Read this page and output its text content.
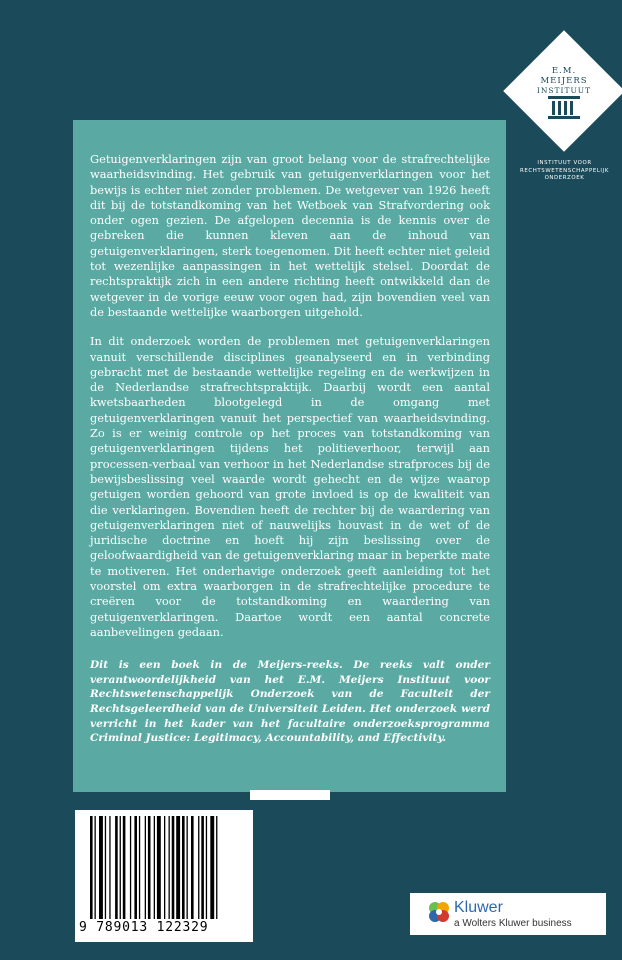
E.M.
MEIJERS
INSTITUUT
INSTITUUT VOOR RECHTSWETENSCHAPPELIJK ONDERZOEK

Getuigenverklaringen zijn van groot belang voor de strafrechtelijke waarheidsvinding. Het gebruik van getuigenverklaringen voor het bewijs is echter niet zonder problemen. De wetgever van 1926 heeft dit bij de totstandkoming van het Wetboek van Strafvordering ook onder ogen gezien. De afgelopen decennia is de kennis over de gebreken die kunnen kleven aan de inhoud van getuigenverklaringen, sterk toegenomen. Dit heeft echter niet geleid tot wezenlijke aanpassingen in het wettelijk stelsel. Doordat de rechtspraktijk zich in een andere richting heeft ontwikkeld dan de wetgever in de vorige eeuw voor ogen had, zijn bovendien veel van de bestaande wettelijke waarborgen uitgehold.

In dit onderzoek worden de problemen met getuigenverklaringen vanuit verschillende disciplines geanalyseerd en in verbinding gebracht met de bestaande wettelijke regeling en de werkwijzen in de Nederlandse strafrechtspraktijk. Daarbij wordt een aantal kwetsbaarheden blootgelegd in de omgang met getuigenverklaringen vanuit het perspectief van waarheidsvinding. Zo is er weinig controle op het proces van totstandkoming van getuigenverklaringen tijdens het politieverhoor, terwijl aan processen-verbaal van verhoor in het Nederlandse strafproces bij de bewijsbeslissing veel waarde wordt gehecht en de wijze waarop getuigen worden gehoord van grote invloed is op de kwaliteit van die verklaringen. Bovendien heeft de rechter bij de waardering van getuigenverklaringen niet of nauwelijks houvast in de wet of de juridische doctrine en hoeft hij zijn beslissing over de geloofwaardigheid van de getuigenverklaring maar in beperkte mate te motiveren. Het onderhavige onderzoek geeft aanleiding tot het voorstel om extra waarborgen in de strafrechtelijke procedure te creëren voor de totstandkoming en waardering van getuigenverklaringen. Daartoe wordt een aantal concrete aanbevelingen gedaan.

Dit is een boek in de Meijers-reeks. De reeks valt onder verantwoordelijkheid van het E.M. Meijers Instituut voor Rechtswetenschappelijk Onderzoek van de Faculteit der Rechtsgeleerdheid van de Universiteit Leiden. Het onderzoek werd verricht in het kader van het facultaire onderzoeksprogramma Criminal Justice: Legitimacy, Accountability, and Effectivity.

9 789013 122329
Kluwer
a Wolters Kluwer business
